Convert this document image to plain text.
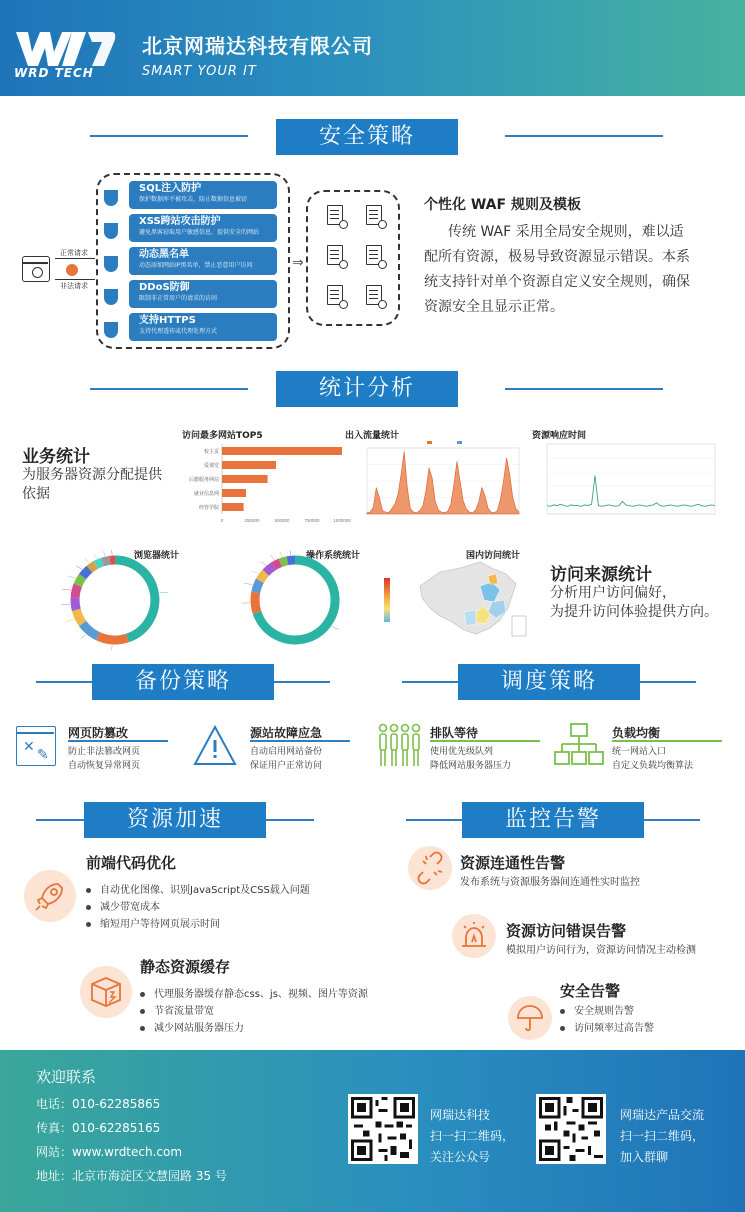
WRD TECH
北京网瑞达科技有限公司
SMART YOUR IT
安全策略
正常请求
非法请求
SQL注入防护
保护数据库不被攻击，防止数据信息被窃
XSS跨站攻击防护
避免黑客窃取用户敏感信息，提供安全的网站
动态黑名单
动态添加网站IP黑名单，禁止恶意用户访问
DDoS防御
限制非正常用户的请求的访问
支持HTTPS
支持代理透传或代理处理方式
⇒
个性化 WAF 规则及模板
传统 WAF 采用全局安全规则，难以适
配所有资源，极易导致资源显示错误。本系
统支持针对单个资源自定义安全规则，确保
资源安全且显示正常。
统计分析
业务统计
为服务器资源分配提供
依据
访问最多网站TOP5
校主页
爱课堂
后勤服务网站
就业信息网
经管学院
0	250000	500000	750000	1000000
出入流量统计	资源响应时间
浏览器统计	操作系统统计	国内访问统计
访问来源统计
分析用户访问偏好，
为提升访问体验提供方向。
备份策略	调度策略
✕ ✎
网页防篡改
防止非法篡改网页
自动恢复异常网页
源站故障应急
自动启用网站备份
保证用户正常访问
排队等待
使用优先级队列
降低网站服务器压力
负载均衡
统一网站入口
自定义负载均衡算法
资源加速	监控告警
前端代码优化
自动优化图像、识别JavaScript及CSS载入问题
减少带宽成本
缩短用户等待网页展示时间
静态资源缓存
代理服务器缓存静态css、js、视频、图片等资源
节省流量带宽
减少网站服务器压力
资源连通性告警
发布系统与资源服务器间连通性实时监控
资源访问错误告警
模拟用户访问行为，资源访问情况主动检测
安全告警
安全规则告警
访问频率过高告警
欢迎联系
电话：010-62285865
传真：010-62285165
网站：www.wrdtech.com
地址：北京市海淀区文慧园路 35 号
网瑞达科技
扫一扫二维码，
关注公众号
网瑞达产品交流
扫一扫二维码，
加入群聊
